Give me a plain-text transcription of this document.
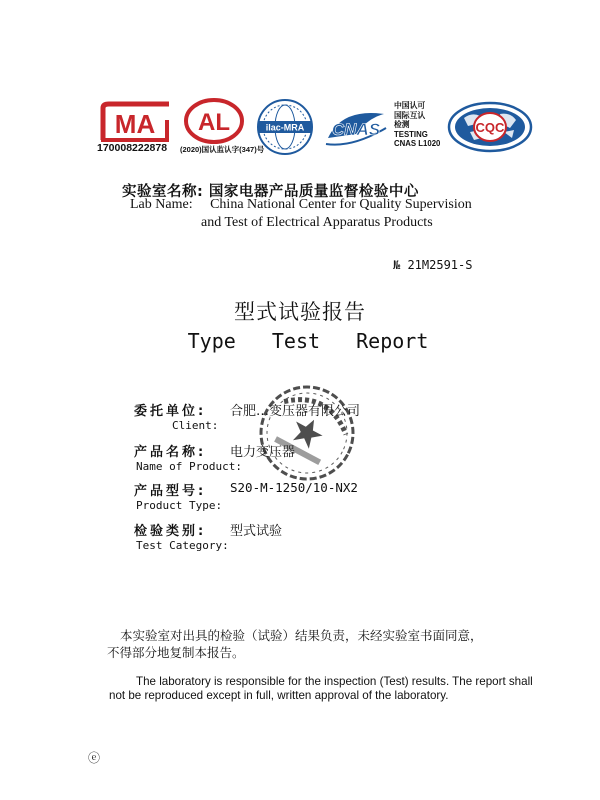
MA
170008222878
AL
(2020)国认监认字(347)号
ilac-MRA CNAS
中国认可
国际互认
检测
TESTING
CNAS L1020
CQC
实验室名称: 国家电器产品质量监督检验中心
Lab Name: China National Center for Quality Supervision
and Test of Electrical Apparatus Products
№ 21M2591-S
型式试验报告
Type  Test  Report
委托单位: 合肥…变压器有限公司
Client:
产品名称: 电力变压器
Name of Product:
产品型号: S20-M-1250/10-NX2
Product Type:
检验类别: 型式试验
Test Category:
本实验室对出具的检验（试验）结果负责，未经实验室书面同意，
不得部分地复制本报告。
The laboratory is responsible for the inspection (Test) results. The report shall
not be reproduced except in full, written approval of the laboratory.
ⓔ
